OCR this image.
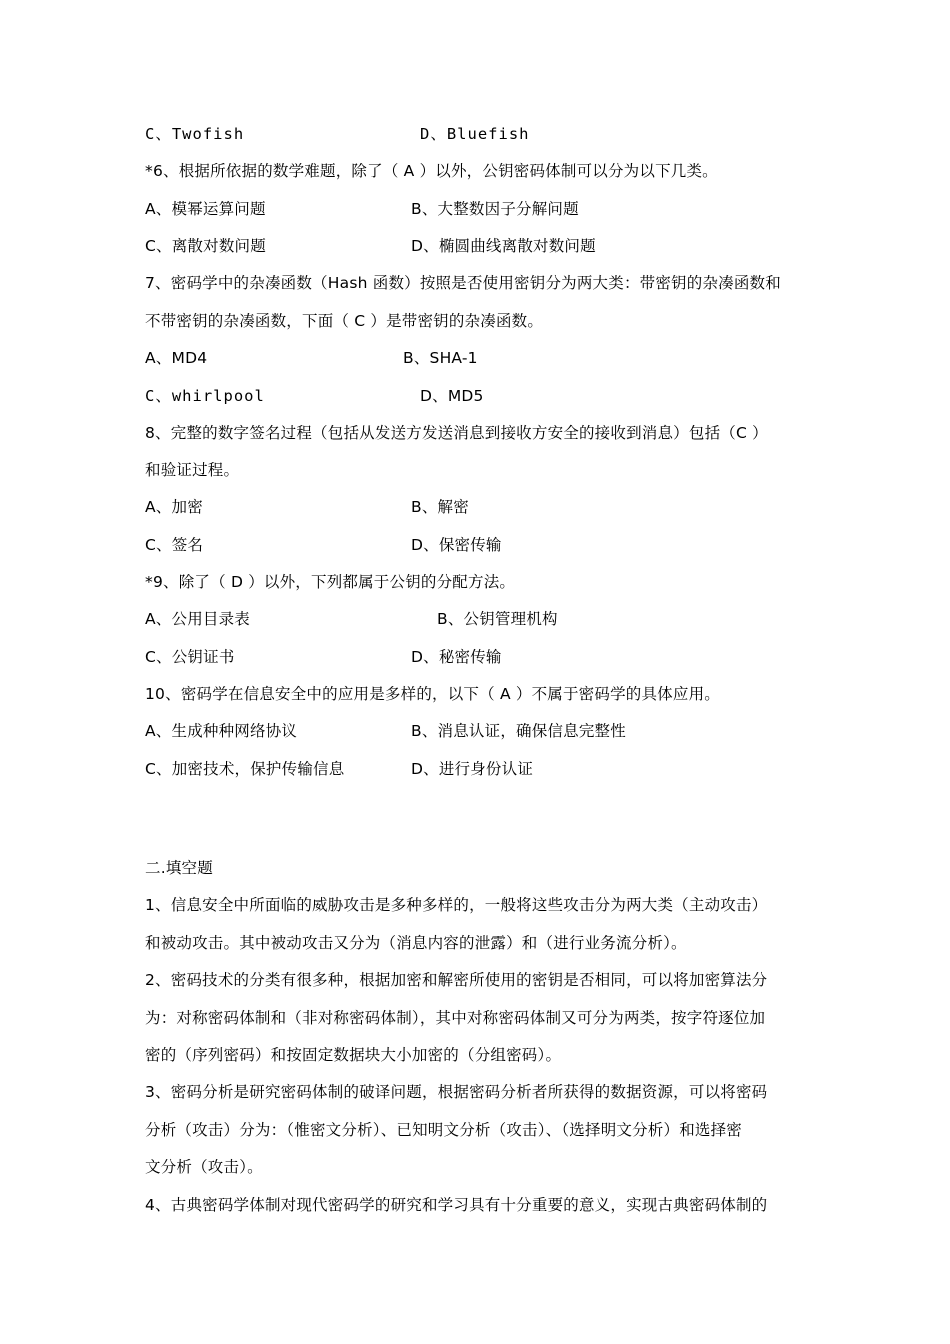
C、Twofish	D、Bluefish
*6、根据所依据的数学难题，除了（ A ）以外，公钥密码体制可以分为以下几类。
A、模幂运算问题	B、大整数因子分解问题
C、离散对数问题	D、椭圆曲线离散对数问题
7、密码学中的杂凑函数（Hash 函数）按照是否使用密钥分为两大类：带密钥的杂凑函数和
不带密钥的杂凑函数，下面（ C ）是带密钥的杂凑函数。
A、MD4	B、SHA-1
C、whirlpool	D、MD5
8、完整的数字签名过程（包括从发送方发送消息到接收方安全的接收到消息）包括（C ）
和验证过程。
A、加密	B、解密
C、签名	D、保密传输
*9、除了（ D ）以外，下列都属于公钥的分配方法。
A、公用目录表	B、公钥管理机构
C、公钥证书	D、秘密传输
10、密码学在信息安全中的应用是多样的，以下（ A ）不属于密码学的具体应用。
A、生成种种网络协议	B、消息认证，确保信息完整性
C、加密技术，保护传输信息	D、进行身份认证
二.填空题
1、信息安全中所面临的威胁攻击是多种多样的，一般将这些攻击分为两大类（主动攻击）
和被动攻击。其中被动攻击又分为（消息内容的泄露）和（进行业务流分析）。
2、密码技术的分类有很多种，根据加密和解密所使用的密钥是否相同，可以将加密算法分
为：对称密码体制和（非对称密码体制），其中对称密码体制又可分为两类，按字符逐位加
密的（序列密码）和按固定数据块大小加密的（分组密码）。
3、密码分析是研究密码体制的破译问题，根据密码分析者所获得的数据资源，可以将密码
分析（攻击）分为：（惟密文分析）、已知明文分析（攻击）、（选择明文分析）和选择密
文分析（攻击）。
4、古典密码学体制对现代密码学的研究和学习具有十分重要的意义，实现古典密码体制的
